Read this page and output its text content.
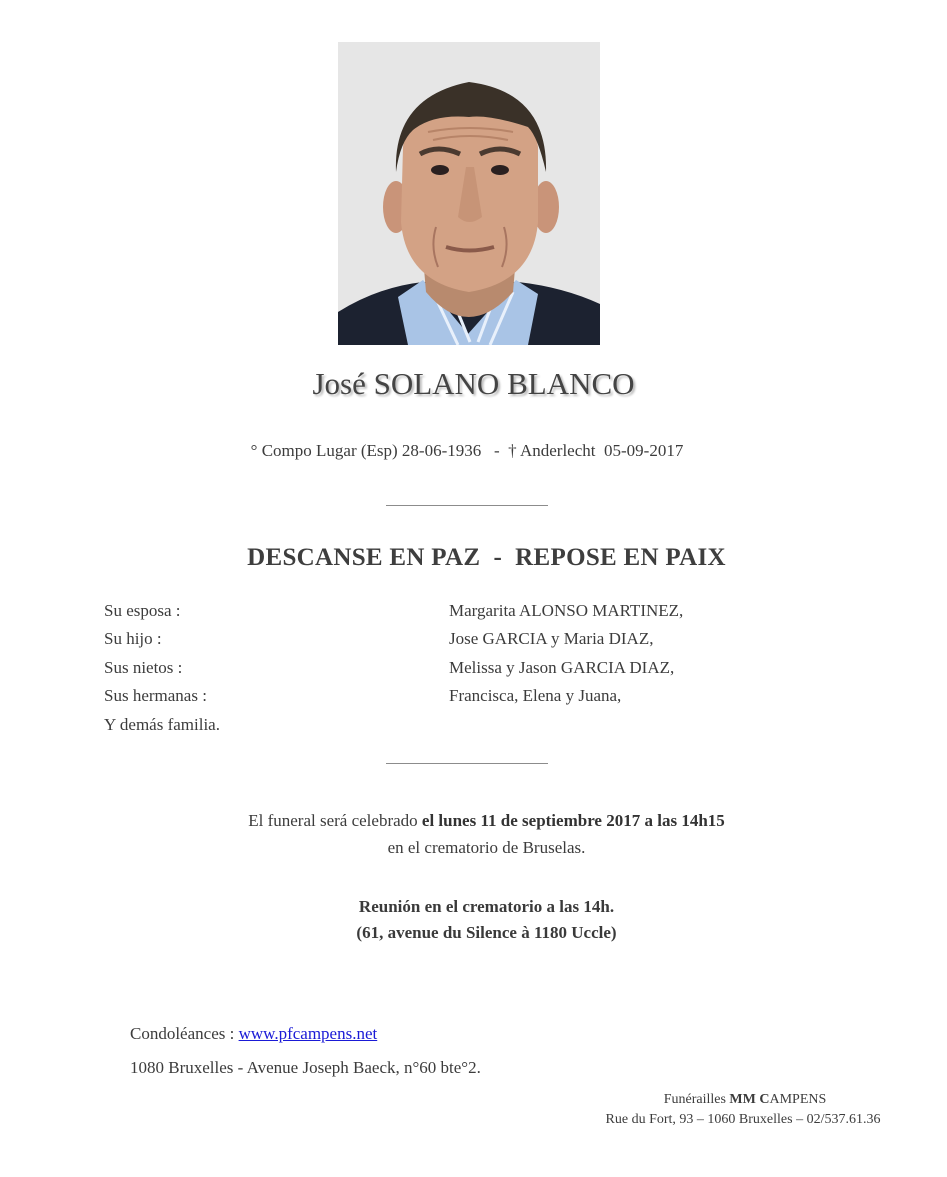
José SOLANO BLANCO
° Compo Lugar (Esp) 28-06-1936   -  † Anderlecht  05-09-2017
DESCANSE EN PAZ  -  REPOSE EN PAIX
Su esposa :	Margarita ALONSO MARTINEZ,
Su hijo :	Jose GARCIA y Maria DIAZ,
Sus nietos :	Melissa y Jason GARCIA DIAZ,
Sus hermanas :	Francisca, Elena y Juana,
Y demás familia.
El funeral será celebrado el lunes 11 de septiembre 2017 a las 14h15
en el crematorio de Bruselas.
Reunión en el crematorio a las 14h.
(61, avenue du Silence à 1180 Uccle)
Condoléances : www.pfcampens.net
1080 Bruxelles - Avenue Joseph Baeck, n°60 bte°2.
Funérailles MM CAMPENS
Rue du Fort, 93 – 1060 Bruxelles – 02/537.61.36
